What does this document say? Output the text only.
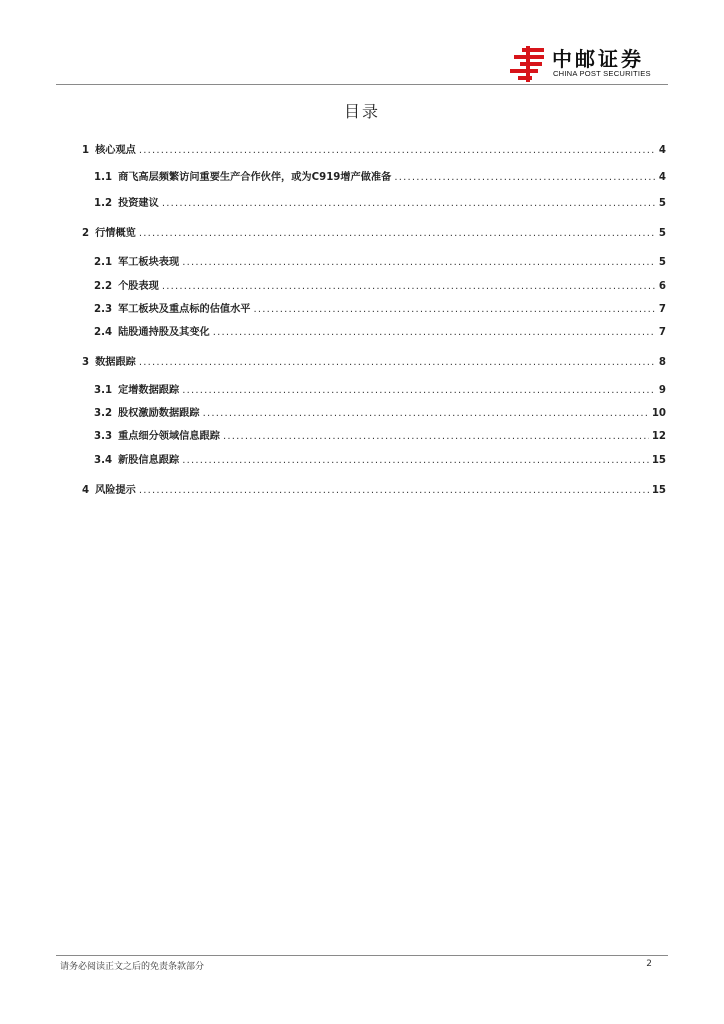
中邮证券
CHINA POST SECURITIES
目录
1 核心观点 .....	4
1.1 商飞高层频繁访问重要生产合作伙伴，或为C919增产做准备 .....	4
1.2 投资建议 .....	5
2 行情概览 .....	5
2.1 军工板块表现 .....	5
2.2 个股表现 .....	6
2.3 军工板块及重点标的估值水平 .....	7
2.4 陆股通持股及其变化 .....	7
3 数据跟踪 .....	8
3.1 定增数据跟踪 .....	9
3.2 股权激励数据跟踪 .....	10
3.3 重点细分领域信息跟踪 .....	12
3.4 新股信息跟踪 .....	15
4 风险提示 .....	15
请务必阅读正文之后的免责条款部分	2
